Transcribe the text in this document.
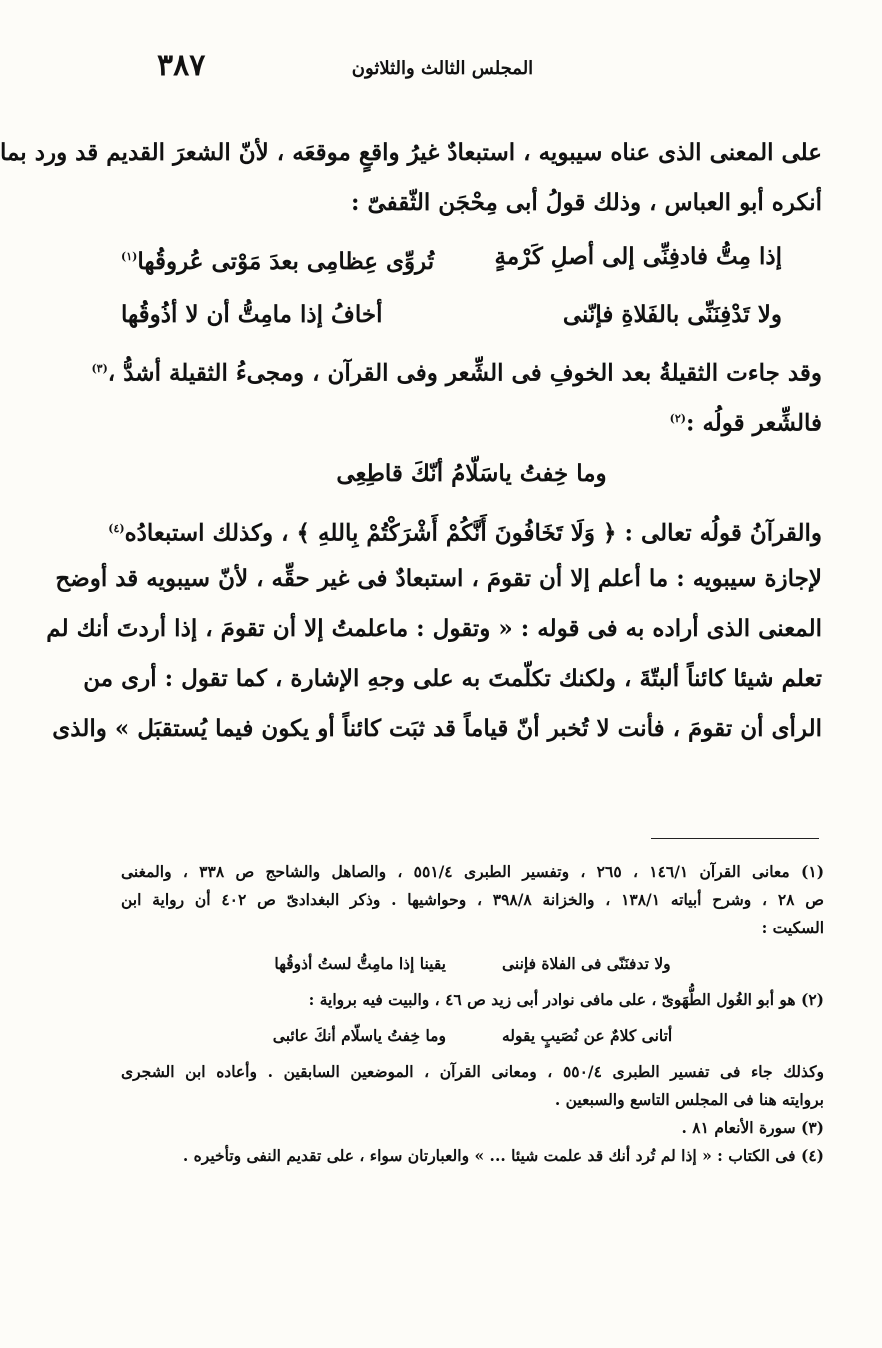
٣٨٧	المجلس الثالث والثلاثون
على المعنى الذى عناه سيبويه ، استبعادٌ غيرُ واقعٍ موقعَه ، لأنّ الشعرَ القديم قد ورد بما
أنكره أبو العباس ، وذلك قولُ أبى مِحْجَن الثّقفىّ :
إذا مِتُّ فادفِنِّى إلى أصلِ كَرْمةٍ
تُروِّى عِظامِى بعدَ مَوْتى عُروقُها$^{(١)}$
ولا تَدْفِنَنِّى بالفَلاةِ فإنّنى
أخافُ إذا مامِتُّ أن لا أذُوقُها
وقد جاءت الثقيلةُ بعد الخوفِ فى الشِّعر وفى القرآن ، ومجىءُ الثقيلة أشدُّ ،$^{(٣)}$
فالشِّعر قولُه :$^{(٢)}$
وما خِفتُ ياسَلّامُ أنّكَ قاطِعِى
والقرآنُ قولُه تعالى : ﴿ وَلَا تَخَافُونَ أَنَّكُمْ أَشْرَكْتُمْ بِاللهِ ﴾ ، وكذلك استبعادُه$^{(٤)}$
لإجازة سيبويه : ما أعلم إلا أن تقومَ ، استبعادٌ فى غير حقِّه ، لأنّ سيبويه قد أوضح
المعنى الذى أراده به فى قوله : « وتقول : ماعلمتُ إلا أن تقومَ ، إذا أردتَ أنك لم
تعلم شيئا كائناً ألبتّةَ ، ولكنك تكلّمتَ به على وجهِ الإشارة ، كما تقول : أرى من
الرأى أن تقومَ ، فأنت لا تُخبر أنّ قياماً قد ثبَت كائناً أو يكون فيما يُستقبَل » والذى
(١) معانى القرآن ١٤٦/١ ، ٢٦٥ ، وتفسير الطبرى ٥٥١/٤ ، والصاهل والشاحج ص ٣٣٨ ، والمغنى
ص ٢٨ ، وشرح أبياته ١٣٨/١ ، والخزانة ٣٩٨/٨ ، وحواشيها . وذكر البغدادىّ ص ٤٠٢ أن رواية ابن
السكيت :
ولا تدفنَنّى فى الفلاة فإننى
يقينا إذا مامِتُّ لستُ أذوقُها
(٢) هو أبو الغُول الطُّهَوىّ ، على مافى نوادر أبى زيد ص ٤٦ ، والبيت فيه برواية :
أتانى كلامٌ عن نُصَيبٍ يقوله
وما خِفتُ ياسلّام أنكَ عائبى
وكذلك جاء فى تفسير الطبرى ٥٥٠/٤ ، ومعانى القرآن ، الموضعين السابقين . وأعاده ابن الشجرى
بروايته هنا فى المجلس التاسع والسبعين .
(٣) سورة الأنعام ٨١ .
(٤) فى الكتاب : « إذا لم تُرد أنك قد علمت شيئا ... » والعبارتان سواء ، على تقديم النفى وتأخيره .
